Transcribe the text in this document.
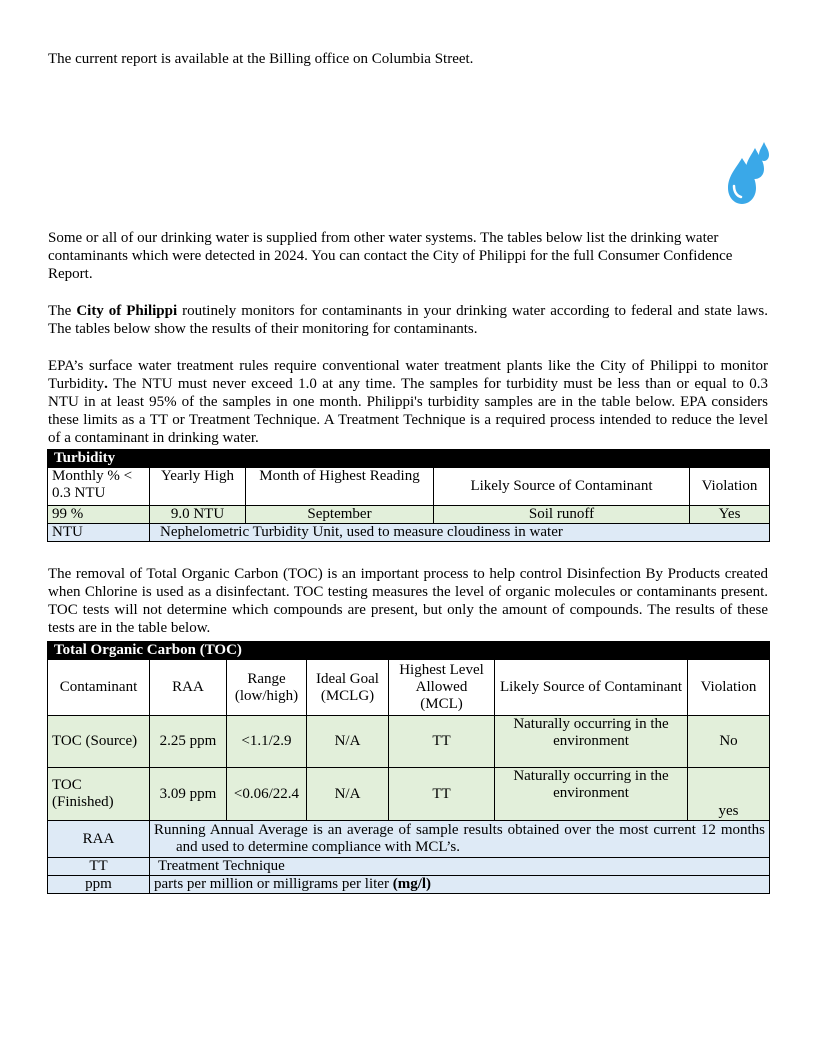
The current report is available at the Billing office on Columbia Street.
Some or all of our drinking water is supplied from other water systems. The tables below list the drinking water contaminants which were detected in 2024. You can contact the City of Philippi for the full Consumer Confidence Report.
The City of Philippi routinely monitors for contaminants in your drinking water according to federal and state laws. The tables below show the results of their monitoring for contaminants.
EPA’s surface water treatment rules require conventional water treatment plants like the City of Philippi to monitor Turbidity. The NTU must never exceed 1.0 at any time. The samples for turbidity must be less than or equal to 0.3 NTU in at least 95% of the samples in one month. Philippi's turbidity samples are in the table below. EPA considers these limits as a TT or Treatment Technique. A Treatment Technique is a required process intended to reduce the level of a contaminant in drinking water.
Turbidity				
Monthly % < 0.3 NTU	Yearly High	Month of Highest Reading	Likely Source of Contaminant	Violation
99 %	9.0 NTU	September	Soil runoff	Yes
NTU	Nephelometric Turbidity Unit, used to measure cloudiness in water			
The removal of Total Organic Carbon (TOC) is an important process to help control Disinfection By Products created when Chlorine is used as a disinfectant. TOC testing measures the level of organic molecules or contaminants present. TOC tests will not determine which compounds are present, but only the amount of compounds. The results of these tests are in the table below.
Total Organic Carbon (TOC)						
Contaminant	RAA	Range (low/high)	Ideal Goal (MCLG)	Highest Level Allowed (MCL)	Likely Source of Contaminant	Violation
TOC (Source)	2.25 ppm	<1.1/2.9	N/A	TT	Naturally occurring in the environment	No
TOC (Finished)	3.09 ppm	<0.06/22.4	N/A	TT	Naturally occurring in the environment	yes
RAA	Running Annual Average is an average of sample results obtained over the most current 12 months and used to determine compliance with MCL’s.					
TT	Treatment Technique					
ppm	parts per million or milligrams per liter (mg/l)					
